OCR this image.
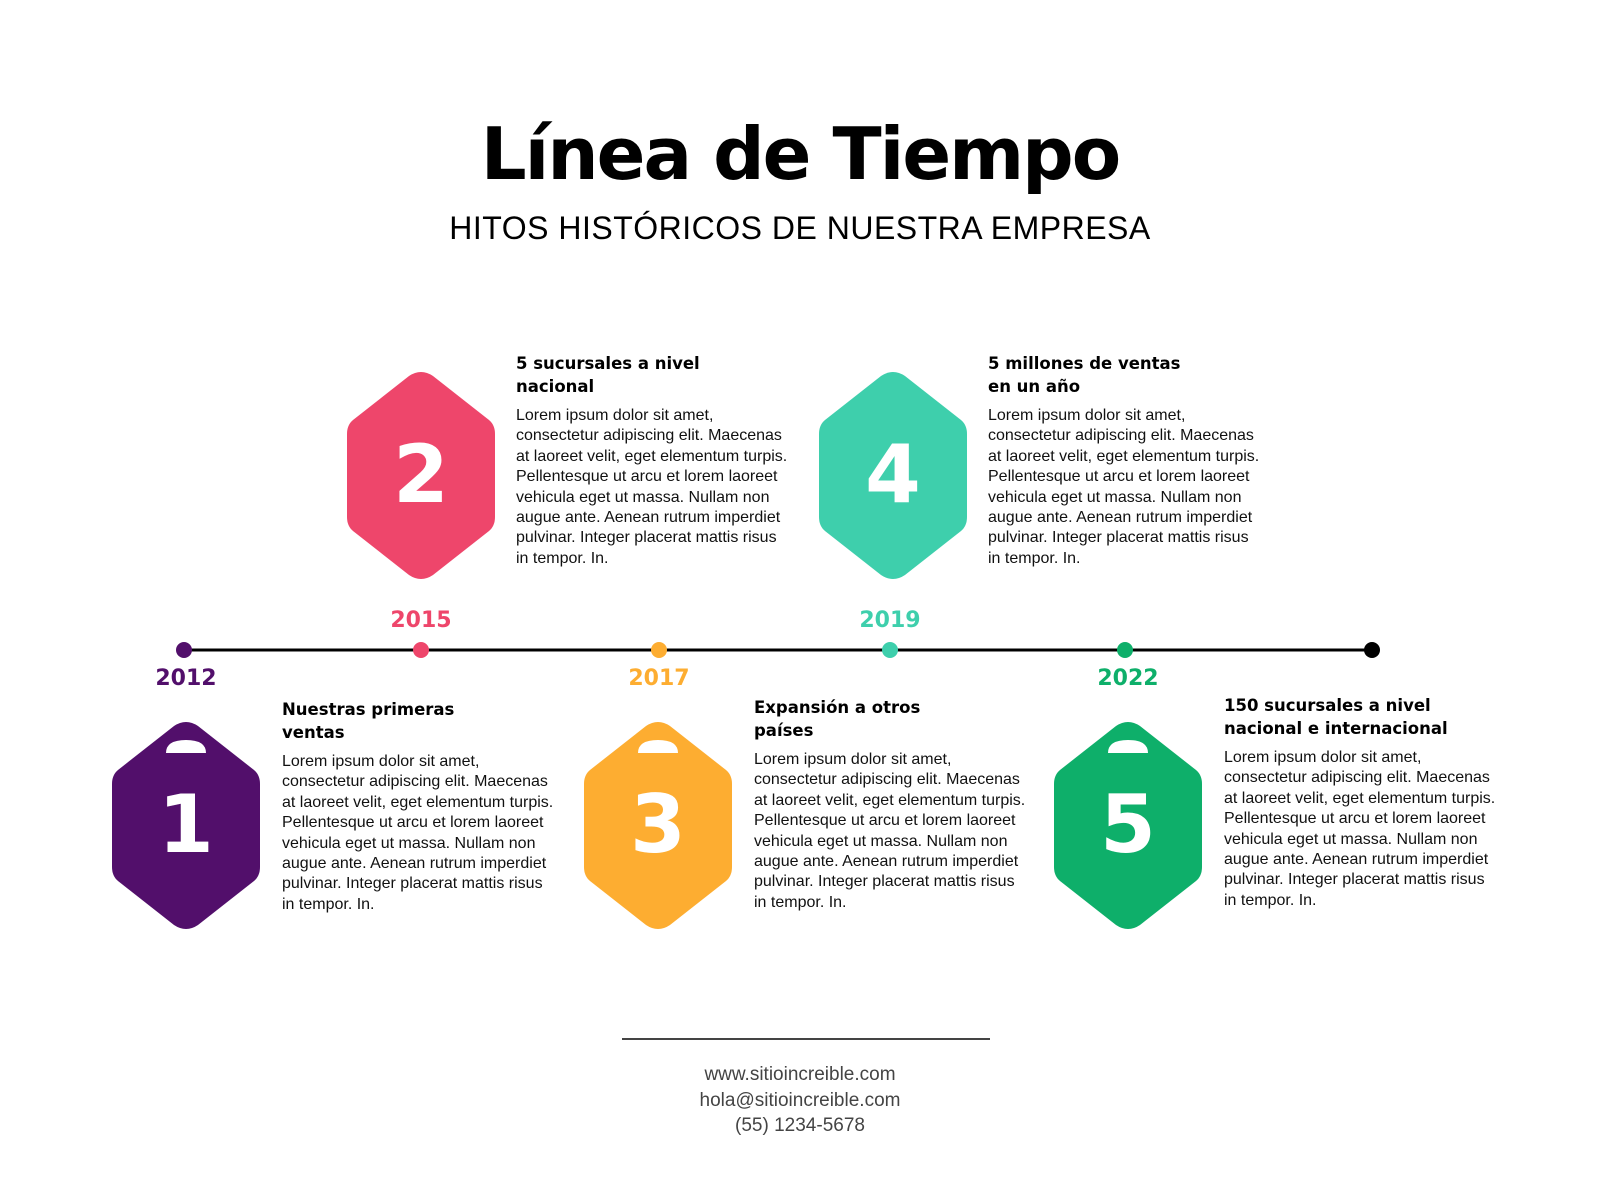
Línea de Tiempo
HITOS HISTÓRICOS DE NUESTRA EMPRESA
1
2012
Nuestras primeras ventas

Lorem ipsum dolor sit amet, consectetur adipiscing elit. Maecenas at laoreet velit, eget elementum turpis. Pellentesque ut arcu et lorem laoreet vehicula eget ut massa. Nullam non augue ante. Aenean rutrum imperdiet pulvinar. Integer placerat mattis risus in tempor. In.

2
2015
5 sucursales a nivel nacional

Lorem ipsum dolor sit amet, consectetur adipiscing elit. Maecenas at laoreet velit, eget elementum turpis. Pellentesque ut arcu et lorem laoreet vehicula eget ut massa. Nullam non augue ante. Aenean rutrum imperdiet pulvinar. Integer placerat mattis risus in tempor. In.

3
2017
Expansión a otros países

Lorem ipsum dolor sit amet, consectetur adipiscing elit. Maecenas at laoreet velit, eget elementum turpis. Pellentesque ut arcu et lorem laoreet vehicula eget ut massa. Nullam non augue ante. Aenean rutrum imperdiet pulvinar. Integer placerat mattis risus in tempor. In.

4
2019
5 millones de ventas en un año

Lorem ipsum dolor sit amet, consectetur adipiscing elit. Maecenas at laoreet velit, eget elementum turpis. Pellentesque ut arcu et lorem laoreet vehicula eget ut massa. Nullam non augue ante. Aenean rutrum imperdiet pulvinar. Integer placerat mattis risus in tempor. In.

5
2022
150 sucursales a nivel nacional e internacional

Lorem ipsum dolor sit amet, consectetur adipiscing elit. Maecenas at laoreet velit, eget elementum turpis. Pellentesque ut arcu et lorem laoreet vehicula eget ut massa. Nullam non augue ante. Aenean rutrum imperdiet pulvinar. Integer placerat mattis risus in tempor. In.

www.sitioincreible.com
hola@sitioincreible.com
(55) 1234-5678
